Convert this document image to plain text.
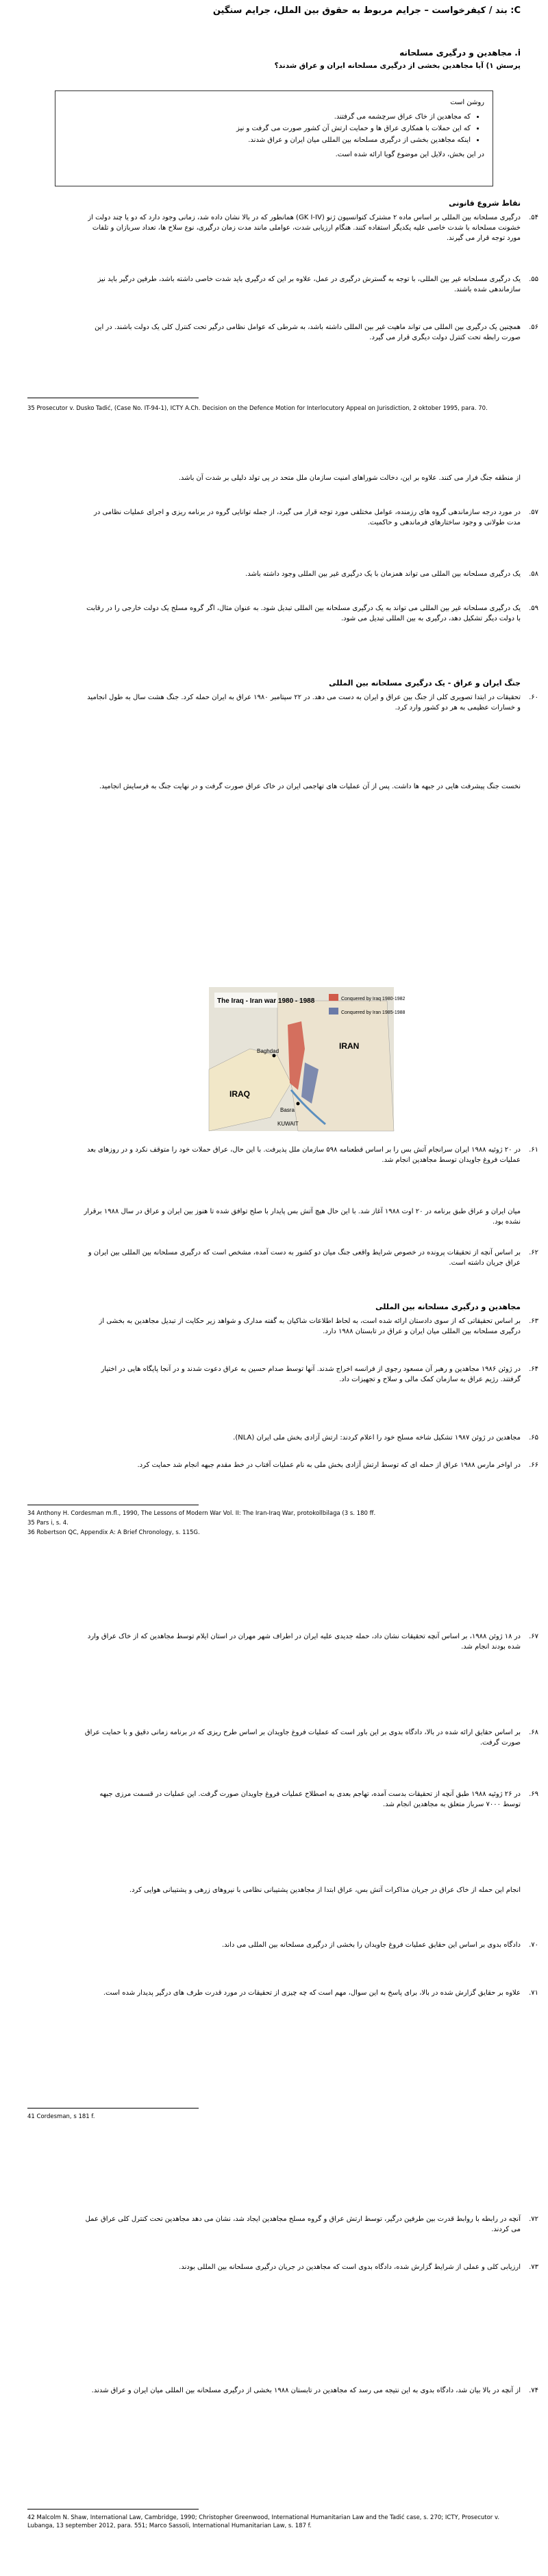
C: بند / کیفرخواست – جرایم مربوط به حقوق بین الملل، جرایم سنگین
i. مجاهدین و درگیری مسلحانه
پرسش ۱) آیا مجاهدین بخشی از درگیری مسلحانه ایران و عراق شدند؟
روشن است
• که مجاهدین از خاک عراق سرچشمه می گرفتند.
• که این حملات با همکاری عراق ها و حمایت ارتش آن کشور صورت می گرفت و نیز
• اینکه مجاهدین بخشی از درگیری مسلحانه بین المللی میان ایران و عراق شدند.
در این بخش، دلایل این موضوع گویا ارائه شده است.
نقاط شروع قانونی
۵۴.
درگیری مسلحانه بین المللی بر اساس ماده ۲ مشترک کنوانسیون ژنو (GK I-IV) همانطور که در بالا نشان داده شد، زمانی وجود دارد که دو یا چند دولت از خشونت مسلحانه با شدت خاصی علیه یکدیگر استفاده کنند. هنگام ارزیابی شدت، عواملی مانند مدت زمان درگیری، نوع سلاح ها، تعداد سربازان و تلفات مورد توجه قرار می گیرند.
۵۵.
یک درگیری مسلحانه غیر بین المللی، با توجه به گسترش درگیری در عمل، علاوه بر این که درگیری باید شدت خاصی داشته باشد، طرفین درگیر باید نیز سازماندهی شده باشند.
۵۶.
همچنین یک درگیری بین المللی می تواند ماهیت غیر بین المللی داشته باشد، به شرطی که عوامل نظامی درگیر تحت کنترل کلی یک دولت باشند. در این صورت رابطه تحت کنترل دولت دیگری قرار می گیرد.
35 Prosecutor v. Dusko Tadić, (Case No. IT-94-1), ICTY A.Ch. Decision on the Defence Motion for Interlocutory Appeal on Jurisdiction, 2 oktober 1995, para. 70.
از منطقه جنگ فرار می کنند. علاوه بر این، دخالت شوراهای امنیت سازمان ملل متحد در پی تولد دلیلی بر شدت آن باشد.
۵۷.
در مورد درجه سازماندهی گروه های رزمنده، عوامل مختلفی مورد توجه قرار می گیرد، از جمله توانایی گروه در برنامه ریزی و اجرای عملیات نظامی در مدت طولانی و وجود ساختارهای فرماندهی و حاکمیت.
۵۸.
یک درگیری مسلحانه بین المللی می تواند همزمان با یک درگیری غیر بین المللی وجود داشته باشد.
۵۹.
یک درگیری مسلحانه غیر بین المللی می تواند به یک درگیری مسلحانه بین المللی تبدیل شود. به عنوان مثال، اگر گروه مسلح یک دولت خارجی را در رقابت با دولت دیگر تشکیل دهد، درگیری به بین المللی تبدیل می شود.
جنگ ایران و عراق - یک درگیری مسلحانه بین المللی
۶۰.
تحقیقات در ابتدا تصویری کلی از جنگ بین عراق و ایران به دست می دهد. در ۲۲ سپتامبر ۱۹۸۰ عراق به ایران حمله کرد. جنگ هشت سال به طول انجامید و خسارات عظیمی به هر دو کشور وارد کرد.
نخست جنگ پیشرفت هایی در جبهه ها داشت. پس از آن عملیات های تهاجمی ایران در خاک عراق صورت گرفت و در نهایت جنگ به فرسایش انجامید.
The Iraq - Iran war 1980 - 1988	Conquered by Iraq 1980-1982
Conquered by Iran 1985-1988
IRAN
IRAQ
Baghdad
Basra
KUWAIT
۶۱.
در ۲۰ ژوئیه ۱۹۸۸ ایران سرانجام آتش بس را بر اساس قطعنامه ۵۹۸ سازمان ملل پذیرفت. با این حال، عراق حملات خود را متوقف نکرد و در روزهای بعد عملیات فروغ جاویدان توسط مجاهدین انجام شد.
میان ایران و عراق طبق برنامه در ۲۰ اوت ۱۹۸۸ آغاز شد. با این حال هیچ آتش بس پایدار با صلح توافق شده تا هنوز بین ایران و عراق در سال ۱۹۸۸ برقرار نشده بود.
۶۲.
بر اساس آنچه از تحقیقات پرونده در خصوص شرایط واقعی جنگ میان دو کشور به دست آمده، مشخص است که درگیری مسلحانه بین المللی بین ایران و عراق جریان داشته است.
مجاهدین و درگیری مسلحانه بین المللی
۶۳.
بر اساس تحقیقاتی که از سوی دادستان ارائه شده است، به لحاظ اطلاعات شاکیان به گفته مدارک و شواهد زیر حکایت از تبدیل مجاهدین به بخشی از درگیری مسلحانه بین المللی میان ایران و عراق در تابستان ۱۹۸۸ دارد.
۶۴.
در ژوئن ۱۹۸۶ مجاهدین و رهبر آن مسعود رجوی از فرانسه اخراج شدند. آنها توسط صدام حسین به عراق دعوت شدند و در آنجا پایگاه هایی در اختیار گرفتند. رژیم عراق به سازمان کمک مالی و سلاح و تجهیزات داد.
۶۵.
مجاهدین در ژوئن ۱۹۸۷ تشکیل شاخه مسلح خود را اعلام کردند: ارتش آزادی بخش ملی ایران (NLA).
۶۶.
در اواخر مارس ۱۹۸۸ عراق از حمله ای که توسط ارتش آزادی بخش ملی به نام عملیات آفتاب در خط مقدم جبهه انجام شد حمایت کرد.
34 Anthony H. Cordesman m.fl., 1990, The Lessons of Modern War Vol. II: The Iran-Iraq War, protokollbilaga (3 s. 180 ff.
35 Pars i, s. 4.
36 Robertson QC, Appendix A: A Brief Chronology, s. 115G.
۶۷.
در ۱۸ ژوئن ۱۹۸۸، بر اساس آنچه تحقیقات نشان داد، حمله جدیدی علیه ایران در اطراف شهر مهران در استان ایلام توسط مجاهدین که از خاک عراق وارد شده بودند انجام شد.
۶۸.
بر اساس حقایق ارائه شده در بالا، دادگاه بدوی بر این باور است که عملیات فروغ جاویدان بر اساس طرح ریزی که در برنامه زمانی دقیق و با حمایت عراق صورت گرفت.
۶۹.
در ۲۶ ژوئیه ۱۹۸۸ طبق آنچه از تحقیقات بدست آمده، تهاجم بعدی به اصطلاح عملیات فروغ جاویدان صورت گرفت. این عملیات در قسمت مرزی جبهه توسط ۷۰۰۰ سرباز متعلق به مجاهدین انجام شد.
انجام این حمله از خاک عراق در جریان مذاکرات آتش بس، عراق ابتدا از مجاهدین پشتیبانی نظامی با نیروهای زرهی و پشتیبانی هوایی کرد.
۷۰.
دادگاه بدوی بر اساس این حقایق عملیات فروغ جاویدان را بخشی از درگیری مسلحانه بین المللی می داند.
۷۱.
علاوه بر حقایق گزارش شده در بالا، برای پاسخ به این سوال، مهم است که چه چیزی از تحقیقات در مورد قدرت طرف های درگیر پدیدار شده است.
41 Cordesman, s 181 f.
۷۲.
آنچه در رابطه با روابط قدرت بین طرفین درگیر، توسط ارتش عراق و گروه مسلح مجاهدین ایجاد شد، نشان می دهد مجاهدین تحت کنترل کلی عراق عمل می کردند.
۷۳.
ارزیابی کلی و عملی از شرایط گزارش شده، دادگاه بدوی است که مجاهدین در جریان درگیری مسلحانه بین المللی بودند.
۷۴.
از آنچه در بالا بیان شد، دادگاه بدوی به این نتیجه می رسد که مجاهدین در تابستان ۱۹۸۸ بخشی از درگیری مسلحانه بین المللی میان ایران و عراق شدند.
42 Malcolm N. Shaw, International Law, Cambridge, 1990; Christopher Greenwood, International Humanitarian Law and the Tadić case, s. 270; ICTY, Prosecutor v. Lubanga, 13 september 2012, para. 551; Marco Sassoli, International Humanitarian Law, s. 187 f.
